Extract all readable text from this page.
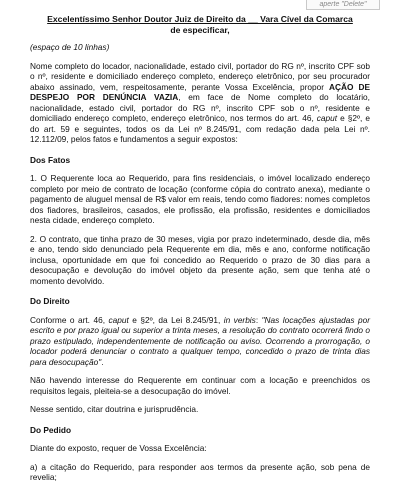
aperte "Delete"

Excelentíssimo Senhor Doutor Juiz de Direito da __ Vara Cível da Comarca

de especificar,

(espaço de 10 linhas)

Nome completo do locador, nacionalidade, estado civil, portador do RG nº, inscrito CPF sob o nº, residente e domiciliado endereço completo, endereço eletrônico, por seu procurador abaixo assinado, vem, respeitosamente, perante Vossa Excelência, propor AÇÃO DE DESPEJO POR DENÚNCIA VAZIA, em face de Nome completo do locatário, nacionalidade, estado civil, portador do RG nº, inscrito CPF sob o nº, residente e domiciliado endereço completo, endereço eletrônico, nos termos do art. 46, caput e §2º, e do art. 59 e seguintes, todos os da Lei nº 8.245/91, com redação dada pela Lei nº. 12.112/09, pelos fatos e fundamentos a seguir expostos:

Dos Fatos

1. O Requerente loca ao Requerido, para fins residenciais, o imóvel localizado endereço completo por meio de contrato de locação (conforme cópia do contrato anexa), mediante o pagamento de aluguel mensal de R$ valor em reais, tendo como fiadores: nomes completos dos fiadores, brasileiros, casados, ele profissão, ela profissão, residentes e domiciliados nesta cidade, endereço completo.

2. O contrato, que tinha prazo de 30 meses, vigia por prazo indeterminado, desde dia, mês e ano, tendo sido denunciado pela Requerente em dia, mês e ano, conforme notificação inclusa, oportunidade em que foi concedido ao Requerido o prazo de 30 dias para a desocupação e devolução do imóvel objeto da presente ação, sem que tenha até o momento devolvido.

Do Direito

Conforme o art. 46, caput e §2º, da Lei 8.245/91, in verbis: "Nas locações ajustadas por escrito e por prazo igual ou superior a trinta meses, a resolução do contrato ocorrerá findo o prazo estipulado, independentemente de notificação ou aviso. Ocorrendo a prorrogação, o locador poderá denunciar o contrato a qualquer tempo, concedido o prazo de trinta dias para desocupação".

Não havendo interesse do Requerente em continuar com a locação e preenchidos os requisitos legais, pleiteia-se a desocupação do imóvel.

Nesse sentido, citar doutrina e jurisprudência.

Do Pedido

Diante do exposto, requer de Vossa Excelência:

a) a citação do Requerido, para responder aos termos da presente ação, sob pena de revelia;
